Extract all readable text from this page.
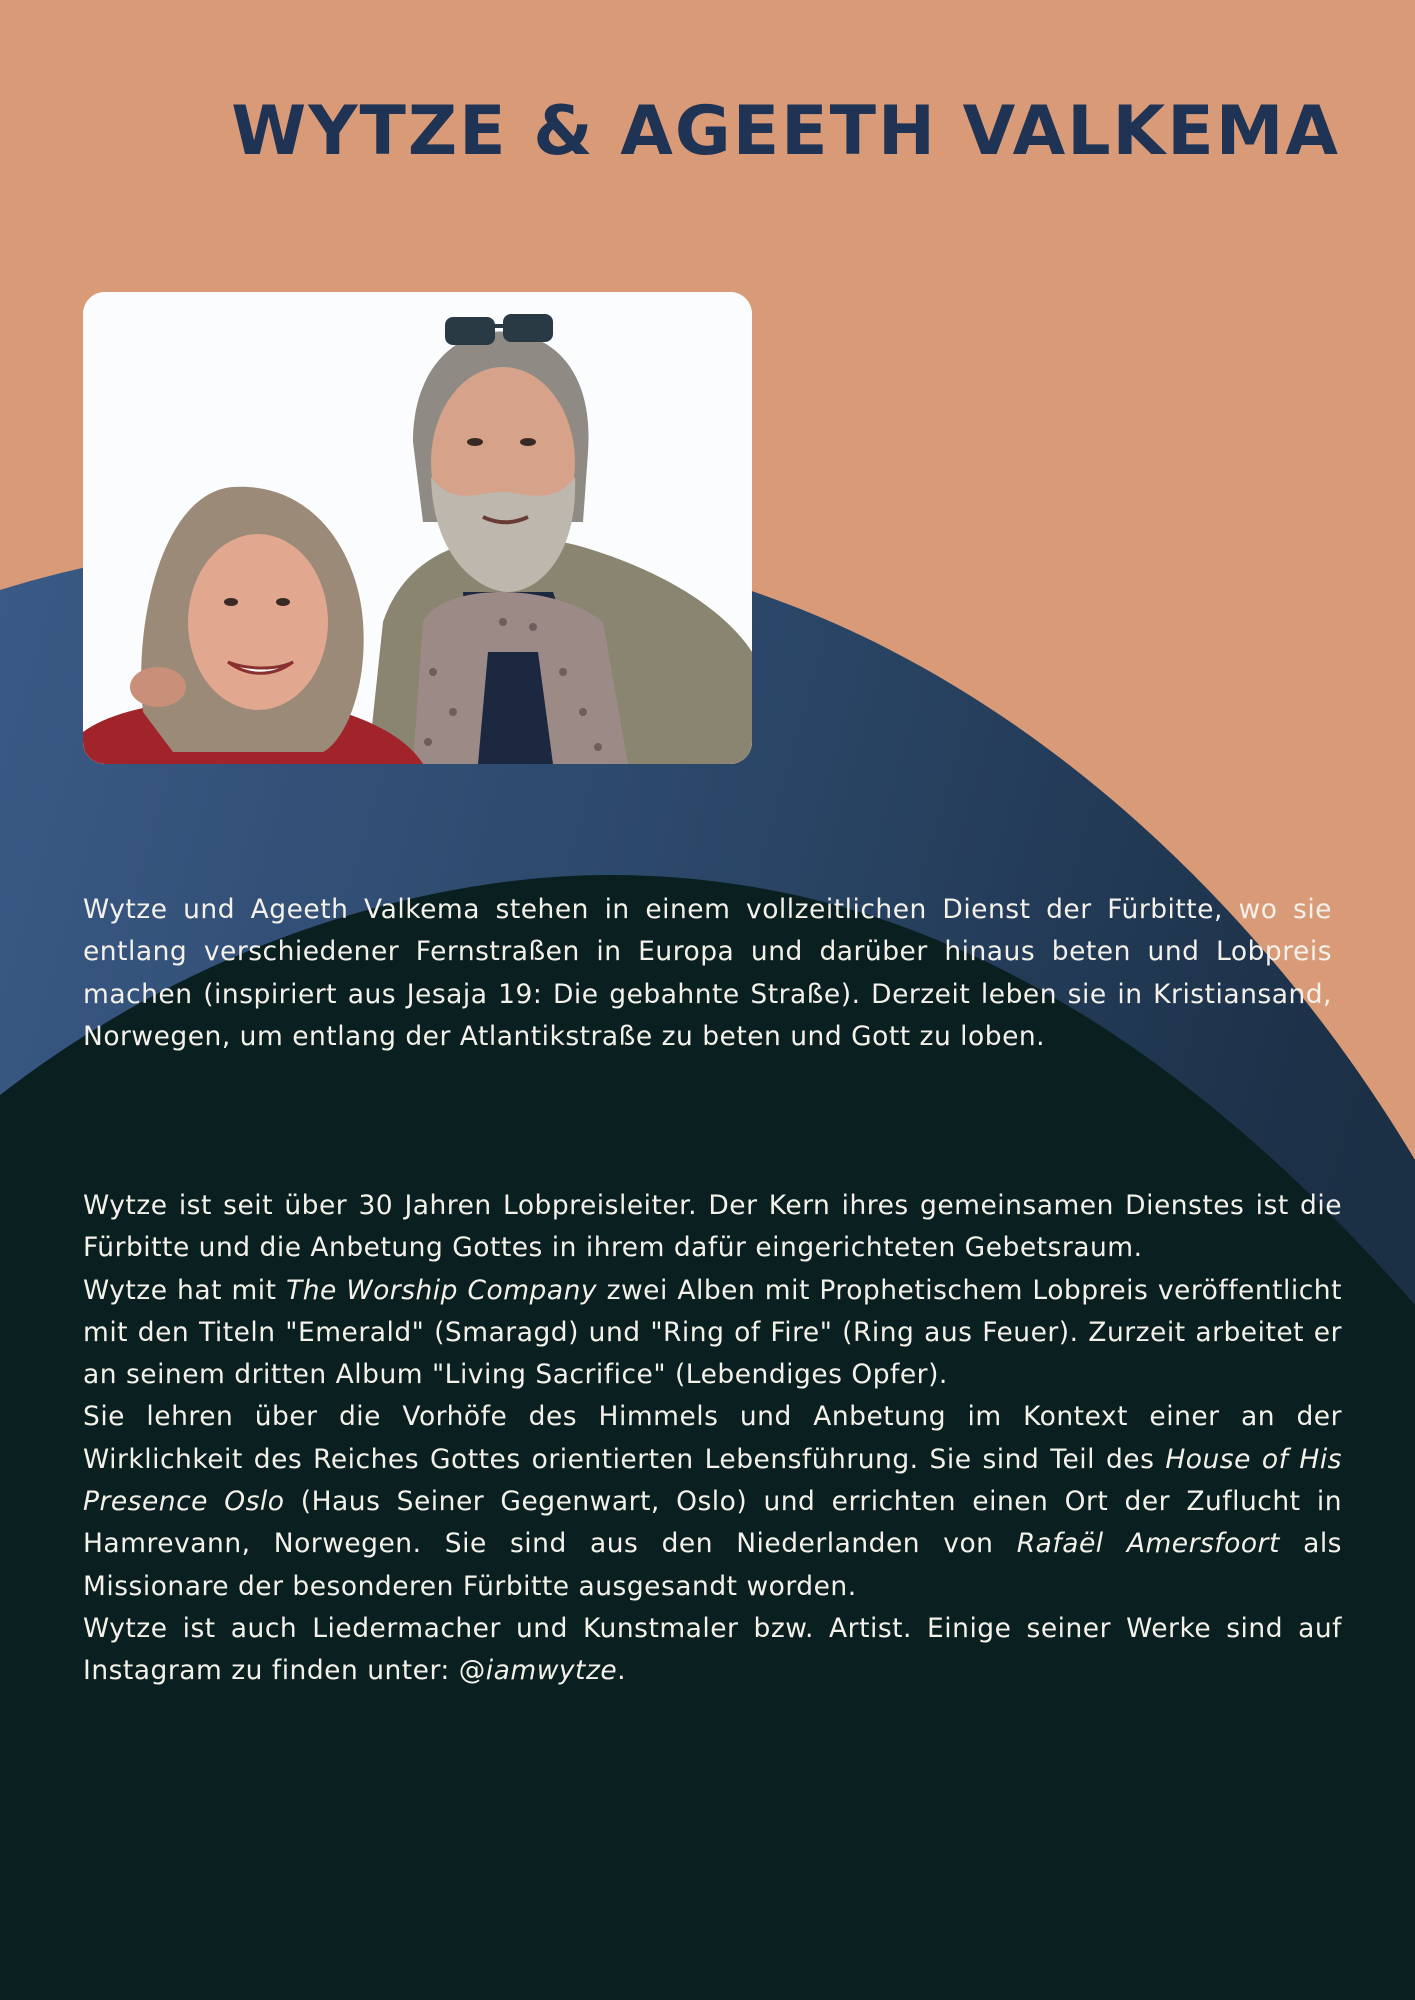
WYTZE & AGEETH VALKEMA

Wytze und Ageeth Valkema stehen in einem vollzeitlichen Dienst der Fürbitte, wo sie entlang verschiedener Fernstraßen in Europa und darüber hinaus beten und Lobpreis machen (inspiriert aus Jesaja 19: Die gebahnte Straße). Derzeit leben sie in Kristiansand, Norwegen, um entlang der Atlantikstraße zu beten und Gott zu loben.

Wytze ist seit über 30 Jahren Lobpreisleiter. Der Kern ihres gemeinsamen Dienstes ist die Fürbitte und die Anbetung Gottes in ihrem dafür eingerichteten Gebetsraum.

Wytze hat mit The Worship Company zwei Alben mit Prophetischem Lobpreis veröffentlicht mit den Titeln "Emerald" (Smaragd) und "Ring of Fire" (Ring aus Feuer). Zurzeit arbeitet er an seinem dritten Album "Living Sacrifice" (Lebendiges Opfer).

Sie lehren über die Vorhöfe des Himmels und Anbetung im Kontext einer an der Wirklichkeit des Reiches Gottes orientierten Lebensführung. Sie sind Teil des House of His Presence Oslo (Haus Seiner Gegenwart, Oslo) und errichten einen Ort der Zuflucht in Hamrevann, Norwegen. Sie sind aus den Niederlanden von Rafaël Amersfoort als Missionare der besonderen Fürbitte ausgesandt worden.

Wytze ist auch Liedermacher und Kunstmaler bzw. Artist. Einige seiner Werke sind auf Instagram zu finden unter: @iamwytze.
